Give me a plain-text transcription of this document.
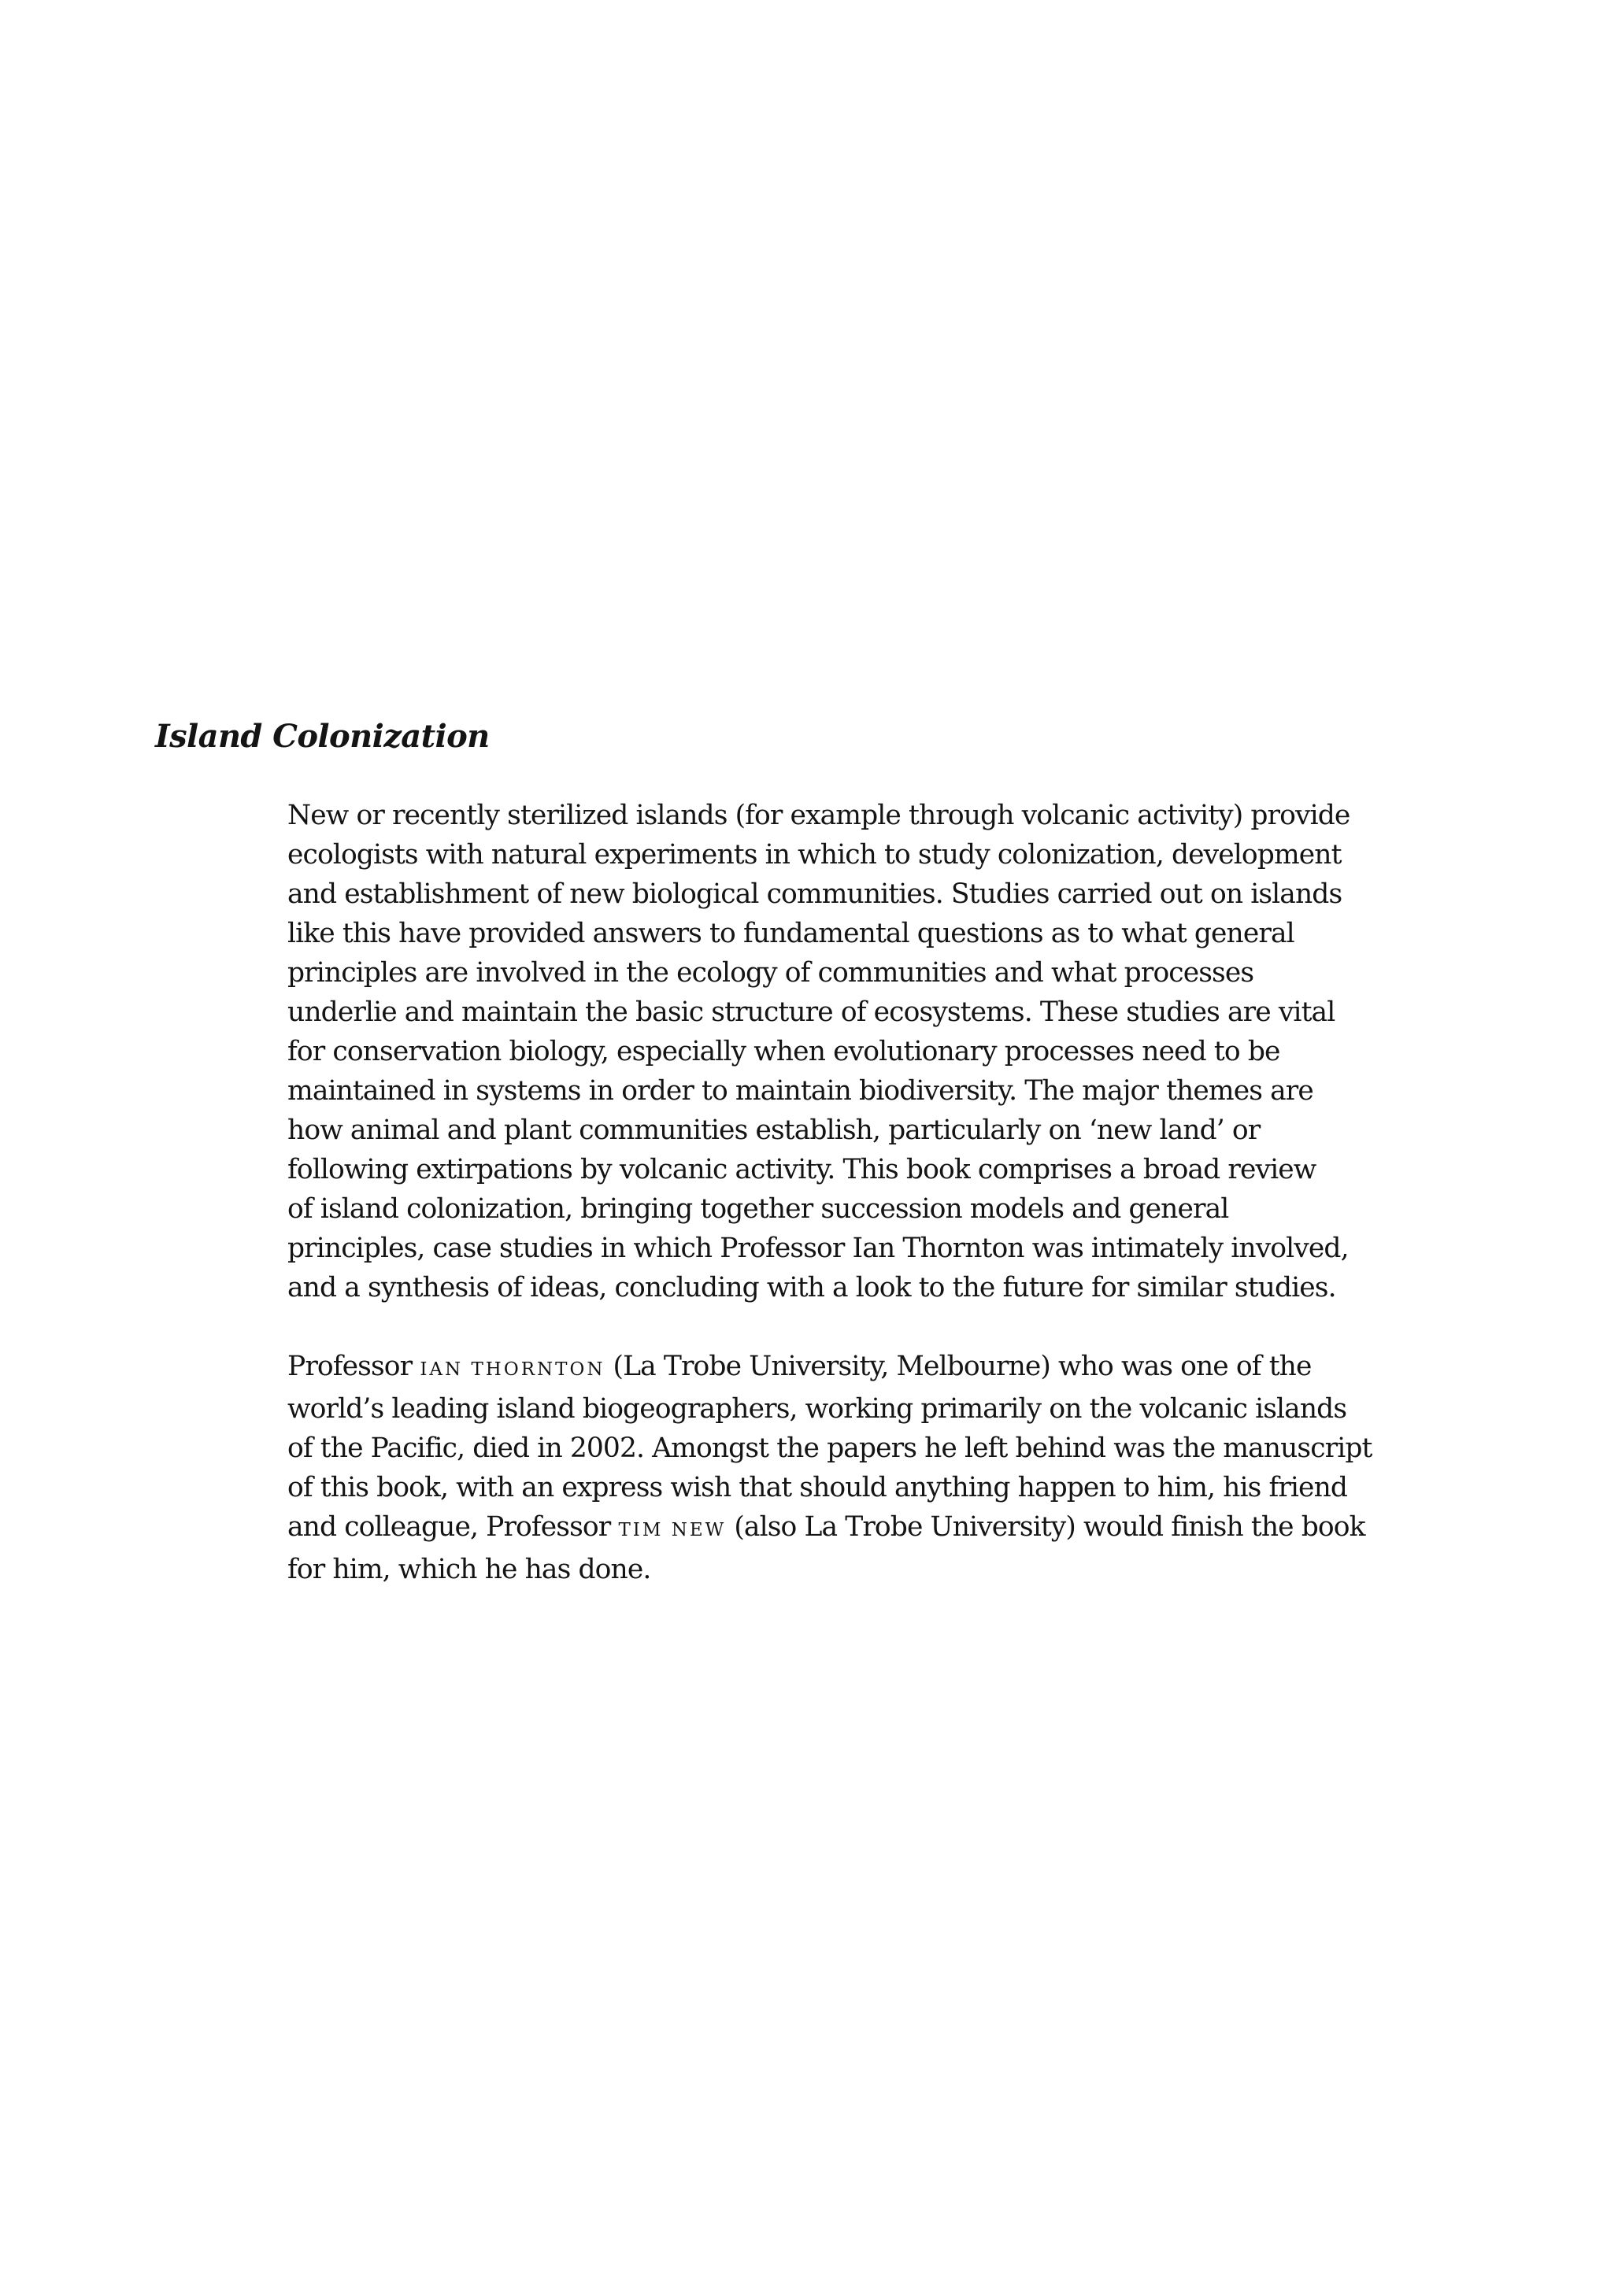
Island Colonization

New or recently sterilized islands (for example through volcanic activity) provide
ecologists with natural experiments in which to study colonization, development
and establishment of new biological communities. Studies carried out on islands
like this have provided answers to fundamental questions as to what general
principles are involved in the ecology of communities and what processes
underlie and maintain the basic structure of ecosystems. These studies are vital
for conservation biology, especially when evolutionary processes need to be
maintained in systems in order to maintain biodiversity. The major themes are
how animal and plant communities establish, particularly on ‘new land’ or
following extirpations by volcanic activity. This book comprises a broad review
of island colonization, bringing together succession models and general
principles, case studies in which Professor Ian Thornton was intimately involved,
and a synthesis of ideas, concluding with a look to the future for similar studies.

Professor IAN THORNTON (La Trobe University, Melbourne) who was one of the
world’s leading island biogeographers, working primarily on the volcanic islands
of the Pacific, died in 2002. Amongst the papers he left behind was the manuscript
of this book, with an express wish that should anything happen to him, his friend
and colleague, Professor TIM NEW (also La Trobe University) would finish the book
for him, which he has done.
